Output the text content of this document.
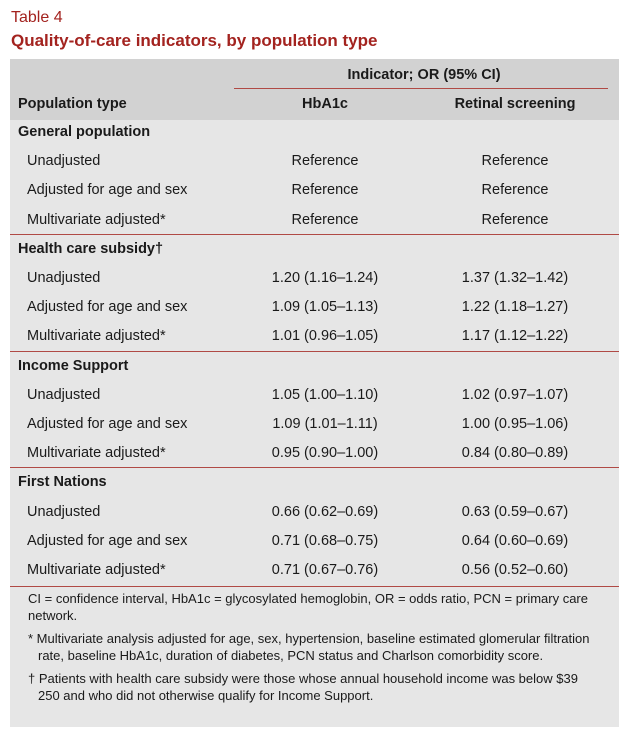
Table 4
Quality-of-care indicators, by population type
Indicator; OR (95% CI)
Population type	HbA1c	Retinal screening
General population
Unadjusted	Reference	Reference
Adjusted for age and sex	Reference	Reference
Multivariate adjusted*	Reference	Reference
Health care subsidy†
Unadjusted	1.20 (1.16–1.24)	1.37 (1.32–1.42)
Adjusted for age and sex	1.09 (1.05–1.13)	1.22 (1.18–1.27)
Multivariate adjusted*	1.01 (0.96–1.05)	1.17 (1.12–1.22)
Income Support
Unadjusted	1.05 (1.00–1.10)	1.02 (0.97–1.07)
Adjusted for age and sex	1.09 (1.01–1.11)	1.00 (0.95–1.06)
Multivariate adjusted*	0.95 (0.90–1.00)	0.84 (0.80–0.89)
First Nations
Unadjusted	0.66 (0.62–0.69)	0.63 (0.59–0.67)
Adjusted for age and sex	0.71 (0.68–0.75)	0.64 (0.60–0.69)
Multivariate adjusted*	0.71 (0.67–0.76)	0.56 (0.52–0.60)

CI = confidence interval, HbA1c = glycosylated hemoglobin, OR = odds ratio, PCN = primary care network.

* Multivariate analysis adjusted for age, sex, hypertension, baseline estimated glomerular filtration rate, baseline HbA1c, duration of diabetes, PCN status and Charlson comorbidity score.

† Patients with health care subsidy were those whose annual household income was below $39 250 and who did not otherwise qualify for Income Support.
